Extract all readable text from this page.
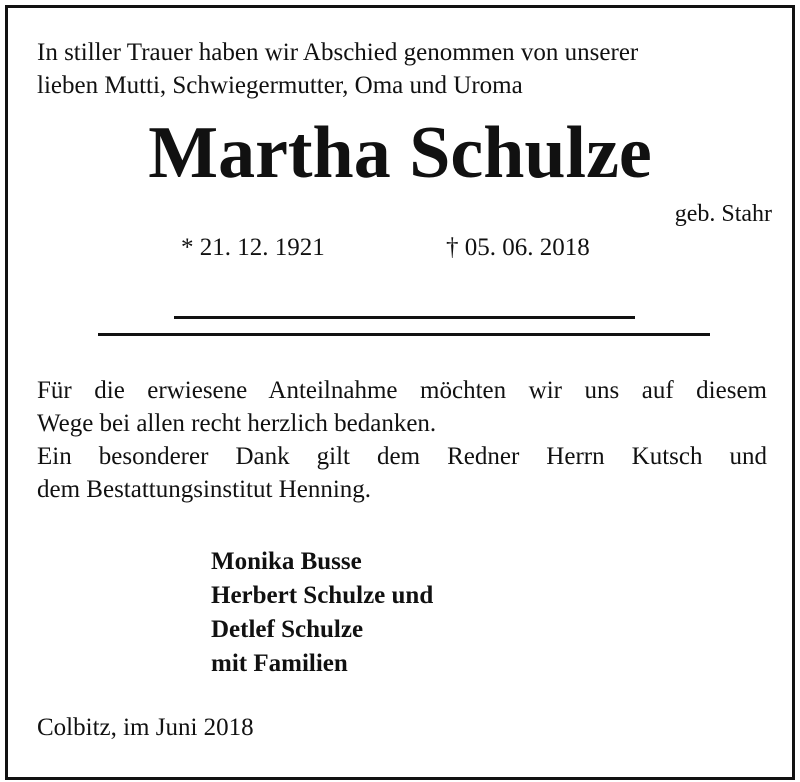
In stiller Trauer haben wir Abschied genommen von unserer
lieben Mutti, Schwiegermutter, Oma und Uroma
Martha Schulze
geb. Stahr
* 21. 12. 1921	† 05. 06. 2018
Für die erwiesene Anteilnahme möchten wir uns auf diesem
Wege bei allen recht herzlich bedanken.
Ein besonderer Dank gilt dem Redner Herrn Kutsch und
dem Bestattungsinstitut Henning.
Monika Busse
Herbert Schulze und
Detlef Schulze
mit Familien
Colbitz, im Juni 2018
